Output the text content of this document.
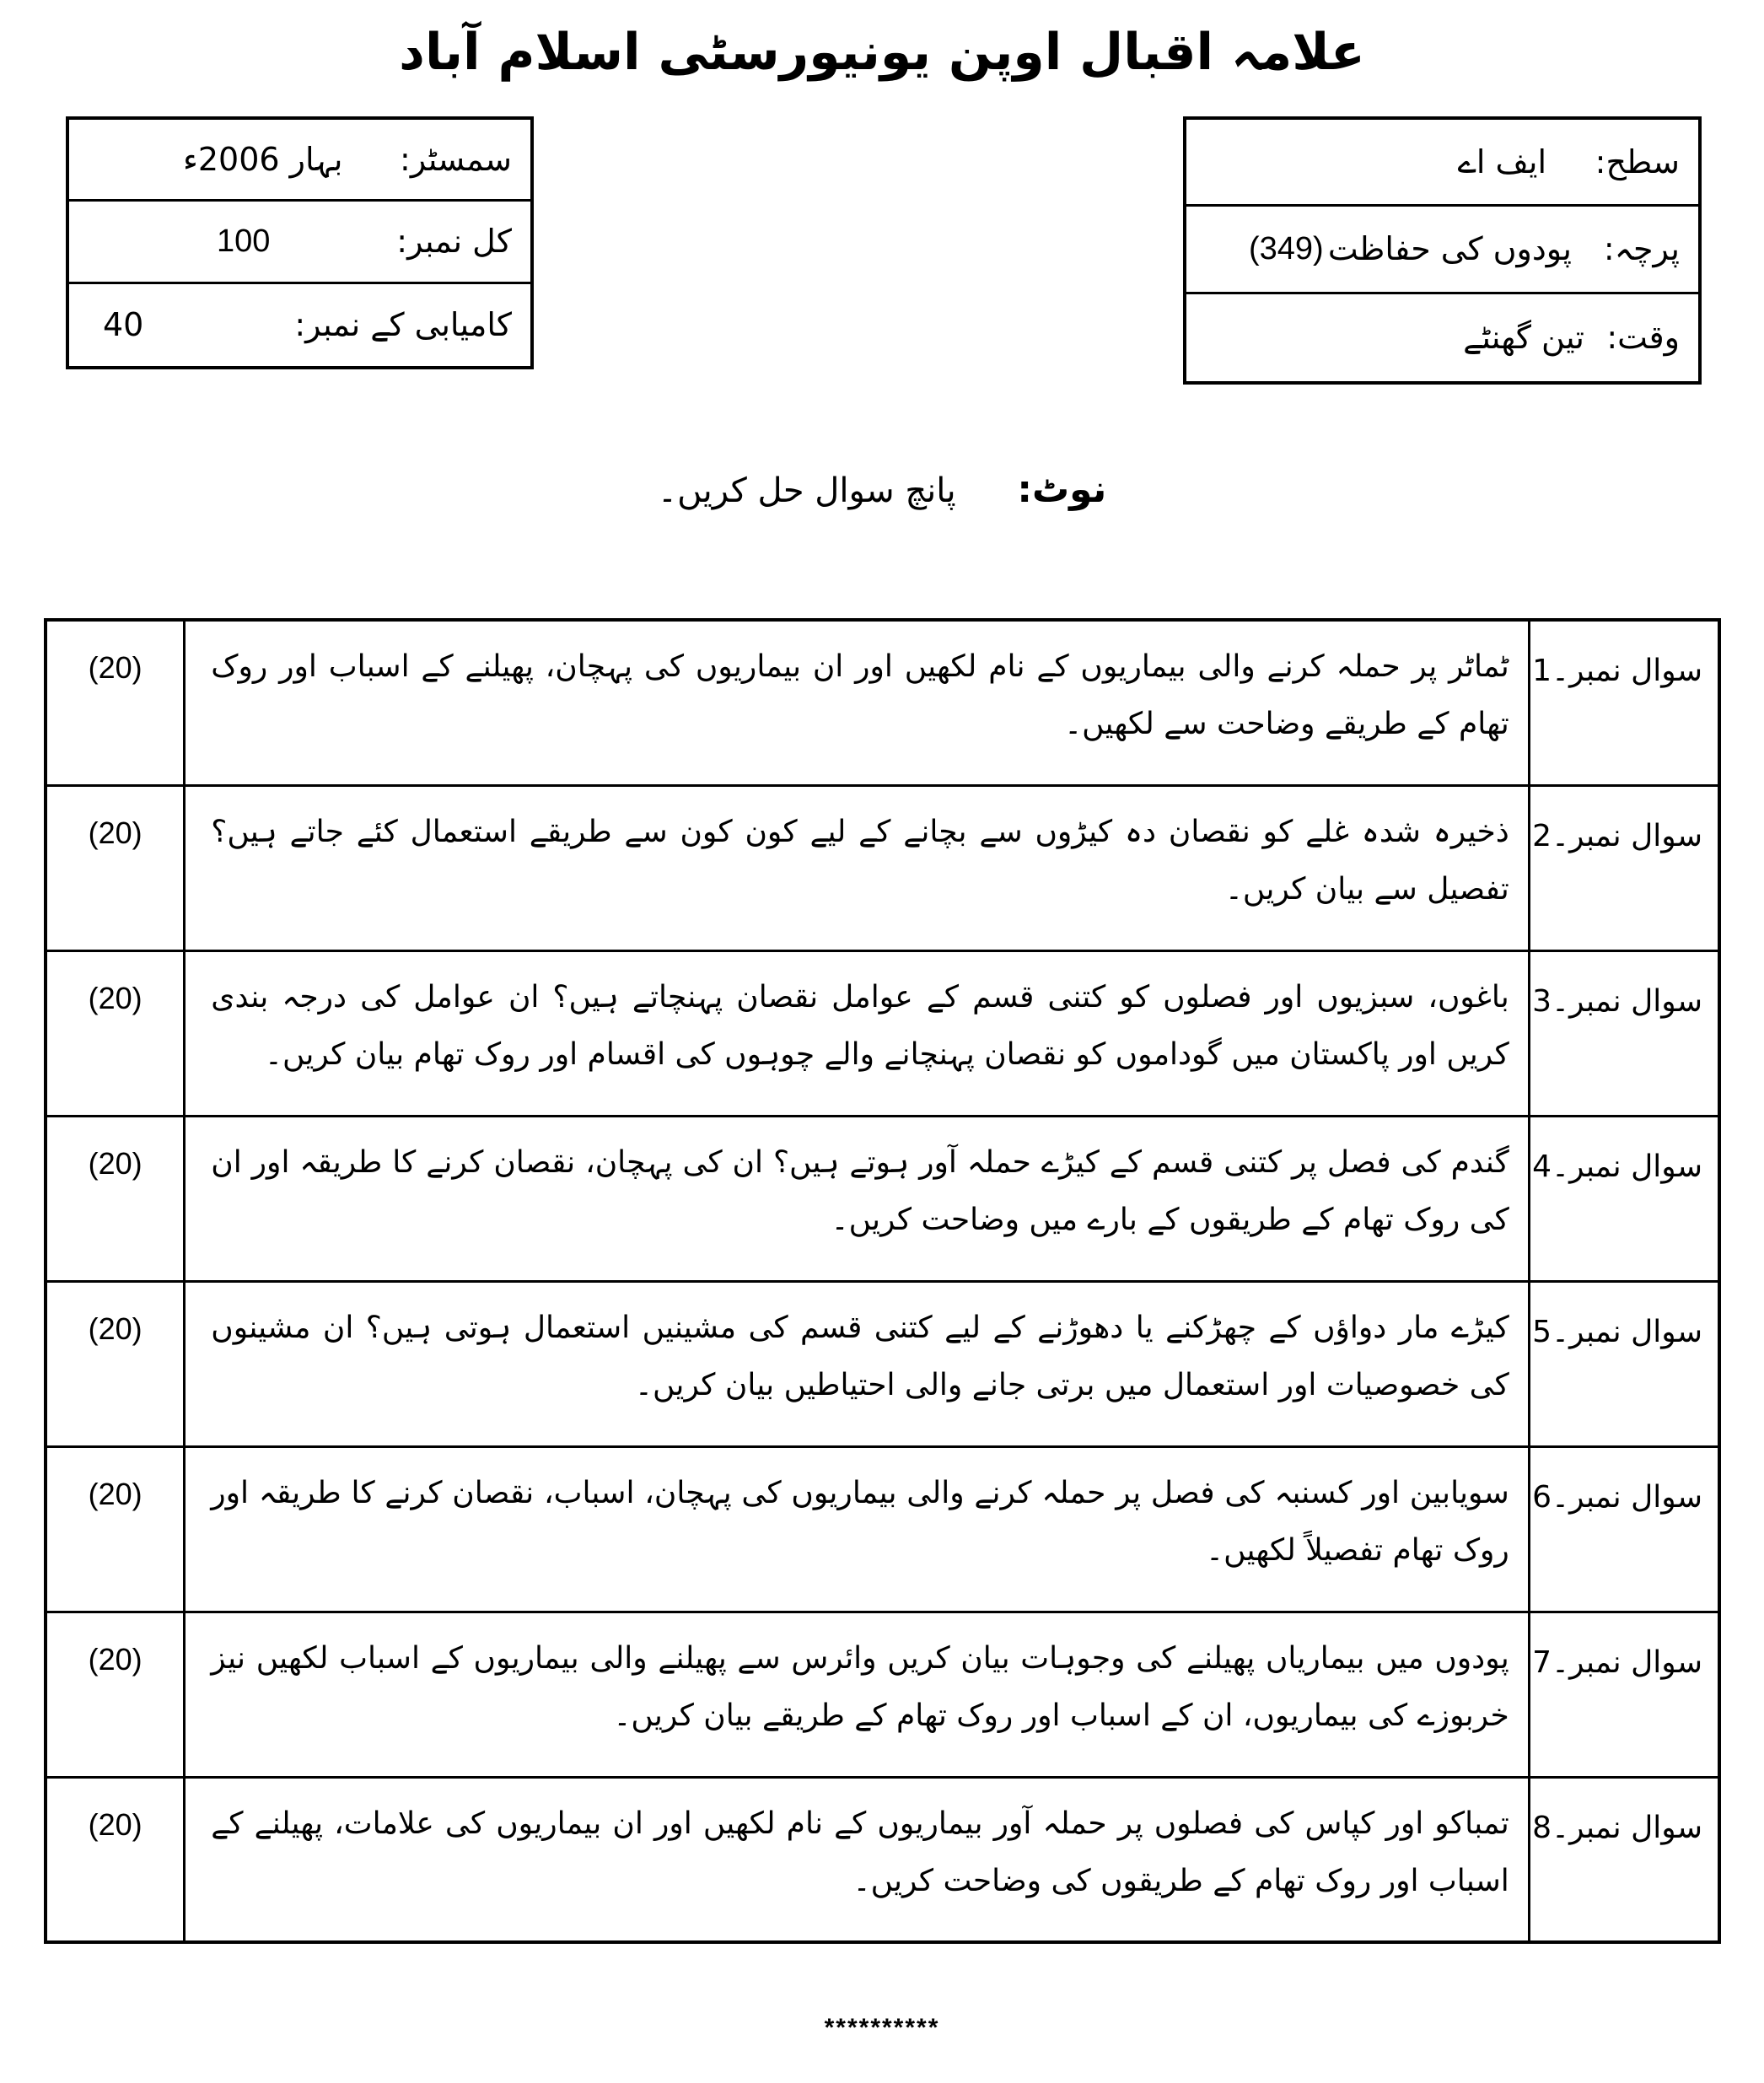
علامہ اقبال اوپن یونیورسٹی اسلام آباد
سمسٹر:
بہار 2006ء
کل نمبر:
100
کامیابی کے نمبر:
40
سطح:
ایف اے
پرچہ:
پودوں کی حفاظت
(349)
وقت:
تین گھنٹے
نوٹ: پانچ سوال حل کریں۔
سوال نمبر۔1	ٹماٹر پر حملہ کرنے والی بیماریوں کے نام لکھیں اور ان بیماریوں کی پہچان، پھیلنے کے اسباب اور روک تھام کے طریقے وضاحت سے لکھیں۔	(20)
سوال نمبر۔2	ذخیرہ شدہ غلے کو نقصان دہ کیڑوں سے بچانے کے لیے کون کون سے طریقے استعمال کئے جاتے ہیں؟ تفصیل سے بیان کریں۔	(20)
سوال نمبر۔3	باغوں، سبزیوں اور فصلوں کو کتنی قسم کے عوامل نقصان پہنچاتے ہیں؟ ان عوامل کی درجہ بندی کریں اور پاکستان میں گوداموں کو نقصان پہنچانے والے چوہوں کی اقسام اور روک تھام بیان کریں۔	(20)
سوال نمبر۔4	گندم کی فصل پر کتنی قسم کے کیڑے حملہ آور ہوتے ہیں؟ ان کی پہچان، نقصان کرنے کا طریقہ اور ان کی روک تھام کے طریقوں کے بارے میں وضاحت کریں۔	(20)
سوال نمبر۔5	کیڑے مار دواؤں کے چھڑکنے یا دھوڑنے کے لیے کتنی قسم کی مشینیں استعمال ہوتی ہیں؟ ان مشینوں کی خصوصیات اور استعمال میں برتی جانے والی احتیاطیں بیان کریں۔	(20)
سوال نمبر۔6	سویابین اور کسنبہ کی فصل پر حملہ کرنے والی بیماریوں کی پہچان، اسباب، نقصان کرنے کا طریقہ اور روک تھام تفصیلاً لکھیں۔	(20)
سوال نمبر۔7	پودوں میں بیماریاں پھیلنے کی وجوہات بیان کریں وائرس سے پھیلنے والی بیماریوں کے اسباب لکھیں نیز خربوزے کی بیماریوں، ان کے اسباب اور روک تھام کے طریقے بیان کریں۔	(20)
سوال نمبر۔8	تمباکو اور کپاس کی فصلوں پر حملہ آور بیماریوں کے نام لکھیں اور ان بیماریوں کی علامات، پھیلنے کے اسباب اور روک تھام کے طریقوں کی وضاحت کریں۔	(20)
**********
